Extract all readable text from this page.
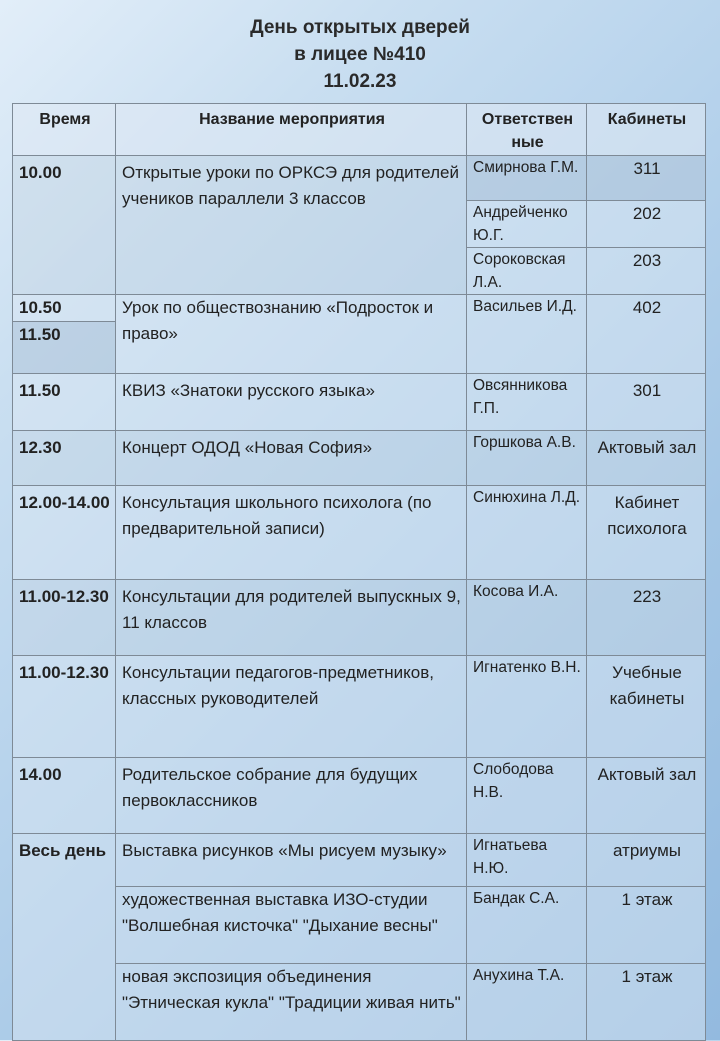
День открытых дверей
в лицее №410
11.02.23
Время	Название мероприятия	Ответствен ные	Кабинеты
10.00	Открытые уроки по ОРКСЭ для родителей учеников параллели 3 классов	Смирнова Г.М.	311
		Андрейченко Ю.Г.	202
		Сороковская Л.А.	203
10.50	Урок по обществознанию «Подросток и право»	Васильев И.Д.	402
11.50			
11.50	КВИЗ «Знатоки русского языка»	Овсянникова Г.П.	301
12.30	Концерт ОДОД «Новая София»	Горшкова А.В.	Актовый зал
12.00-14.00	Консультация школьного психолога (по предварительной записи)	Синюхина Л.Д.	Кабинет психолога
11.00-12.30	Консультации для родителей выпускных 9, 11 классов	Косова И.А.	223
11.00-12.30	Консультации педагогов-предметников, классных руководителей	Игнатенко В.Н.	Учебные кабинеты
14.00	Родительское собрание для будущих первоклассников	Слободова Н.В.	Актовый зал
Весь день	Выставка рисунков «Мы рисуем музыку»	Игнатьева Н.Ю.	атриумы
	художественная выставка ИЗО-студии "Волшебная кисточка" "Дыхание весны"	Бандак С.А.	1 этаж
	новая экспозиция объединения "Этническая кукла" "Традиции живая нить"	Анухина Т.А.	1 этаж
